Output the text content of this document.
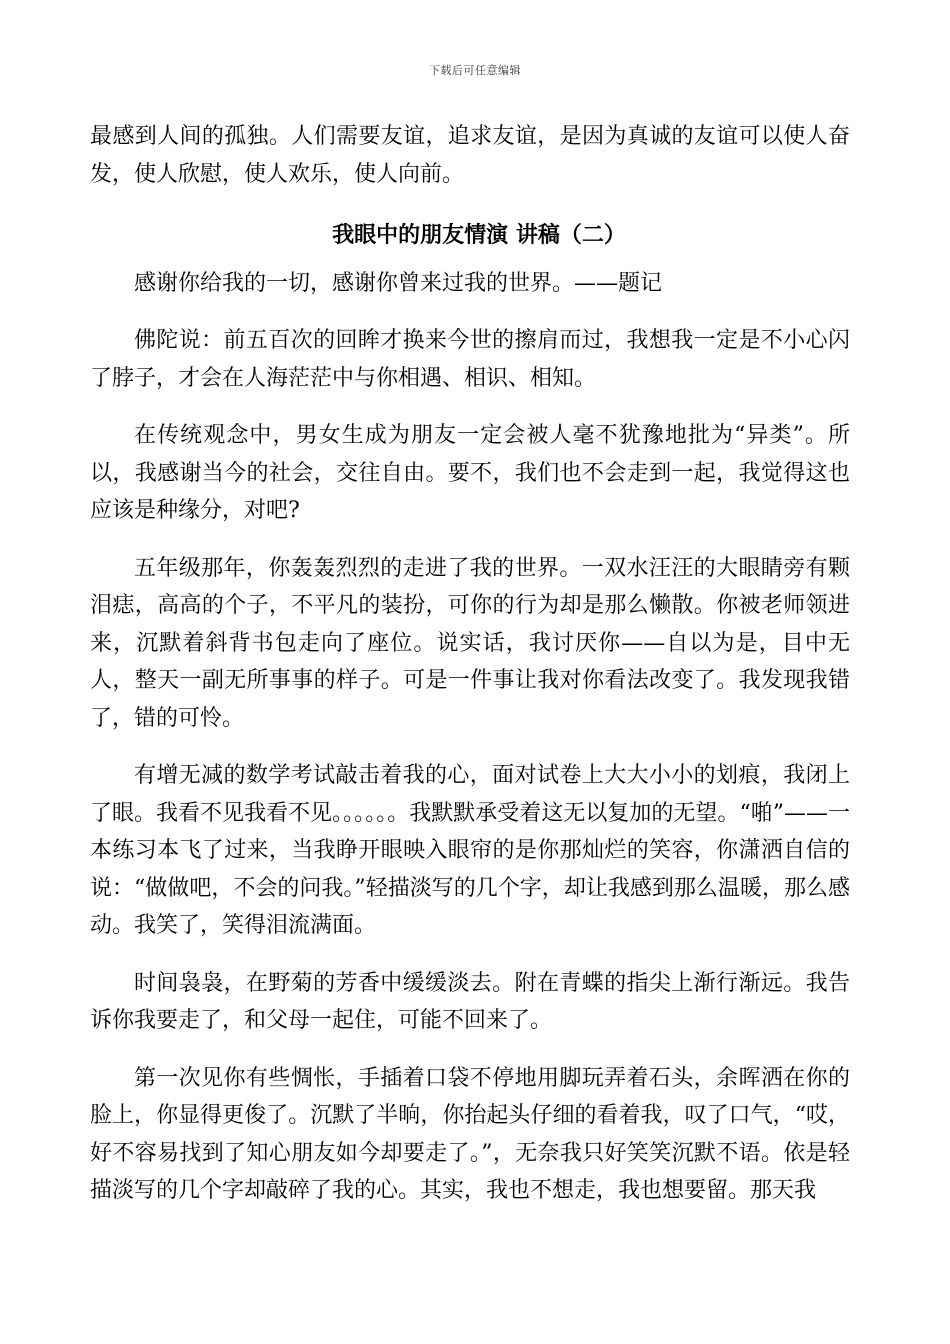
下载后可任意编辑

最感到人间的孤独。人们需要友谊，追求友谊，是因为真诚的友谊可以使人奋发，使人欣慰，使人欢乐，使人向前。

我眼中的朋友情演 讲稿（二）

感谢你给我的一切，感谢你曾来过我的世界。——题记

佛陀说：前五百次的回眸才换来今世的擦肩而过，我想我一定是不小心闪了脖子，才会在人海茫茫中与你相遇、相识、相知。

在传统观念中，男女生成为朋友一定会被人毫不犹豫地批为“异类”。所以，我感谢当今的社会，交往自由。要不，我们也不会走到一起，我觉得这也应该是种缘分，对吧?

五年级那年，你轰轰烈烈的走进了我的世界。一双水汪汪的大眼睛旁有颗泪痣，高高的个子，不平凡的装扮，可你的行为却是那么懒散。你被老师领进来，沉默着斜背书包走向了座位。说实话，我讨厌你——自以为是，目中无人，整天一副无所事事的样子。可是一件事让我对你看法改变了。我发现我错了，错的可怜。

有增无减的数学考试敲击着我的心，面对试卷上大大小小的划痕，我闭上了眼。我看不见我看不见。。。。。。我默默承受着这无以复加的无望。“啪”——一本练习本飞了过来，当我睁开眼映入眼帘的是你那灿烂的笑容，你潇洒自信的说：“做做吧，不会的问我。”轻描淡写的几个字，却让我感到那么温暖，那么感动。我笑了，笑得泪流满面。

时间袅袅，在野菊的芳香中缓缓淡去。附在青蝶的指尖上渐行渐远。我告诉你我要走了，和父母一起住，可能不回来了。

第一次见你有些惆怅，手插着口袋不停地用脚玩弄着石头，余晖洒在你的脸上，你显得更俊了。沉默了半晌，你抬起头仔细的看着我，叹了口气，“哎，好不容易找到了知心朋友如今却要走了。”，无奈我只好笑笑沉默不语。依是轻描淡写的几个字却敲碎了我的心。其实，我也不想走，我也想要留。那天我
